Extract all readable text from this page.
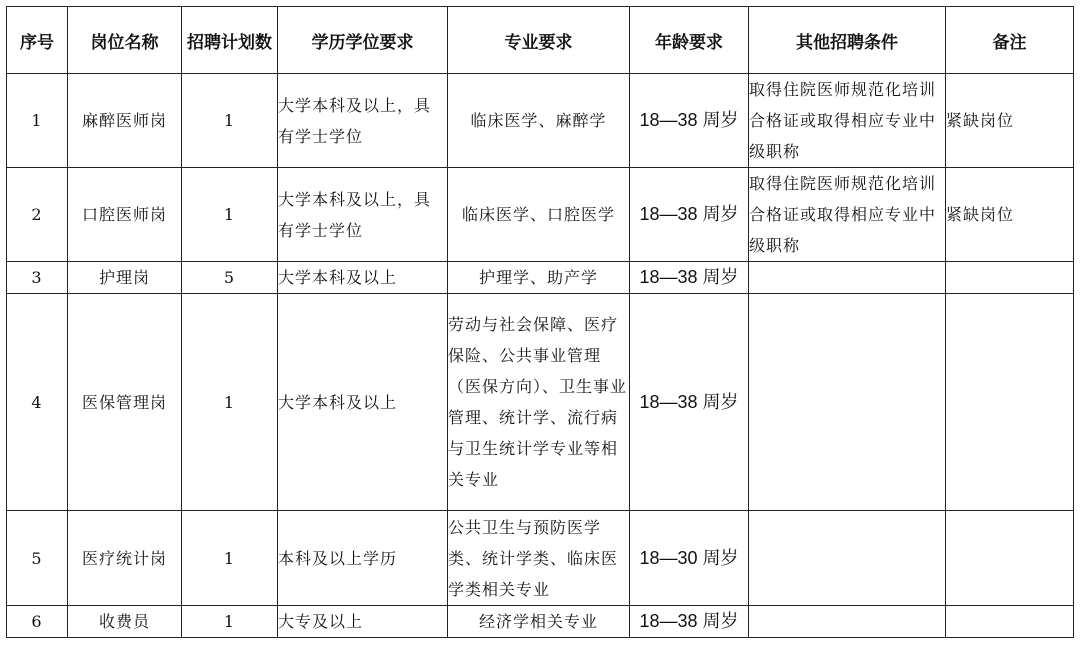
序号	岗位名称	招聘计划数	学历学位要求	专业要求	年龄要求	其他招聘条件	备注
1	麻醉医师岗	1	大学本科及以上，具有学士学位	临床医学、麻醉学	18—38 周岁	取得住院医师规范化培训合格证或取得相应专业中级职称	紧缺岗位
2	口腔医师岗	1	大学本科及以上，具有学士学位	临床医学、口腔医学	18—38 周岁	取得住院医师规范化培训合格证或取得相应专业中级职称	紧缺岗位
3	护理岗	5	大学本科及以上	护理学、助产学	18—38 周岁		
4	医保管理岗	1	大学本科及以上	劳动与社会保障、医疗保险、公共事业管理（医保方向）、卫生事业管理、统计学、流行病与卫生统计学专业等相关专业	18—38 周岁		
5	医疗统计岗	1	本科及以上学历	公共卫生与预防医学类、统计学类、临床医学类相关专业	18—30 周岁		
6	收费员	1	大专及以上	经济学相关专业	18—38 周岁		
